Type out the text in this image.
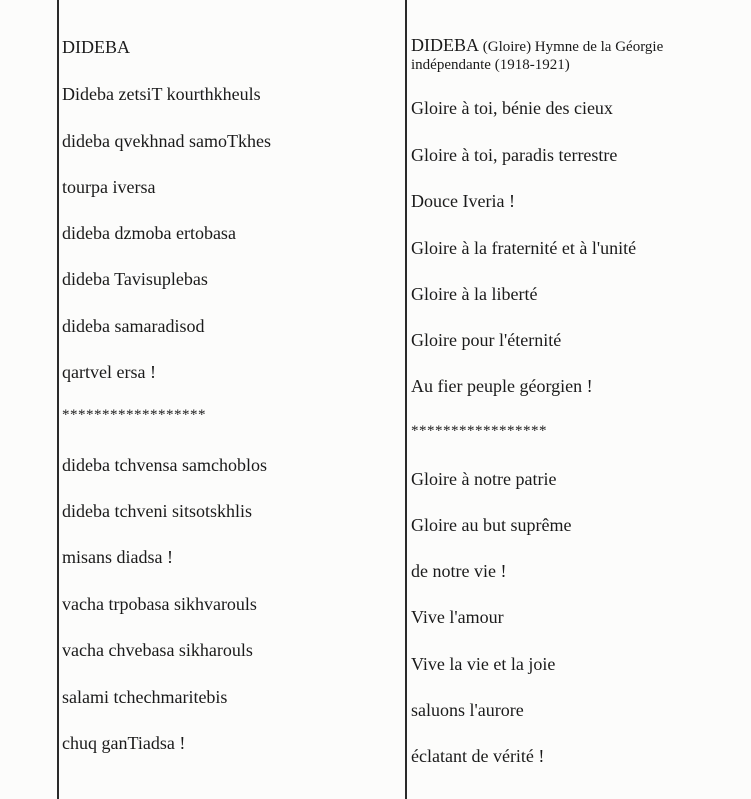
DIDEBA
Dideba zetsiT kourthkheuls
dideba qvekhnad samoTkhes
tourpa iversa
dideba dzmoba ertobasa
dideba Tavisuplebas
dideba samaradisod
qartvel ersa !
******************
dideba tchvensa samchoblos
dideba tchveni sitsotskhlis
misans diadsa !
vacha trpobasa sikhvarouls
vacha chvebasa sikharouls
salami tchechmaritebis
chuq ganTiadsa !
DIDEBA (Gloire) Hymne de la Géorgie
indépendante (1918-1921)
Gloire à toi, bénie des cieux
Gloire à toi, paradis terrestre
Douce Iveria !
Gloire à la fraternité et à l'unité
Gloire à la liberté
Gloire pour l'éternité
Au fier peuple géorgien !
*****************
Gloire à notre patrie
Gloire au but suprême
de notre vie !
Vive l'amour
Vive la vie et la joie
saluons l'aurore
éclatant de vérité !
